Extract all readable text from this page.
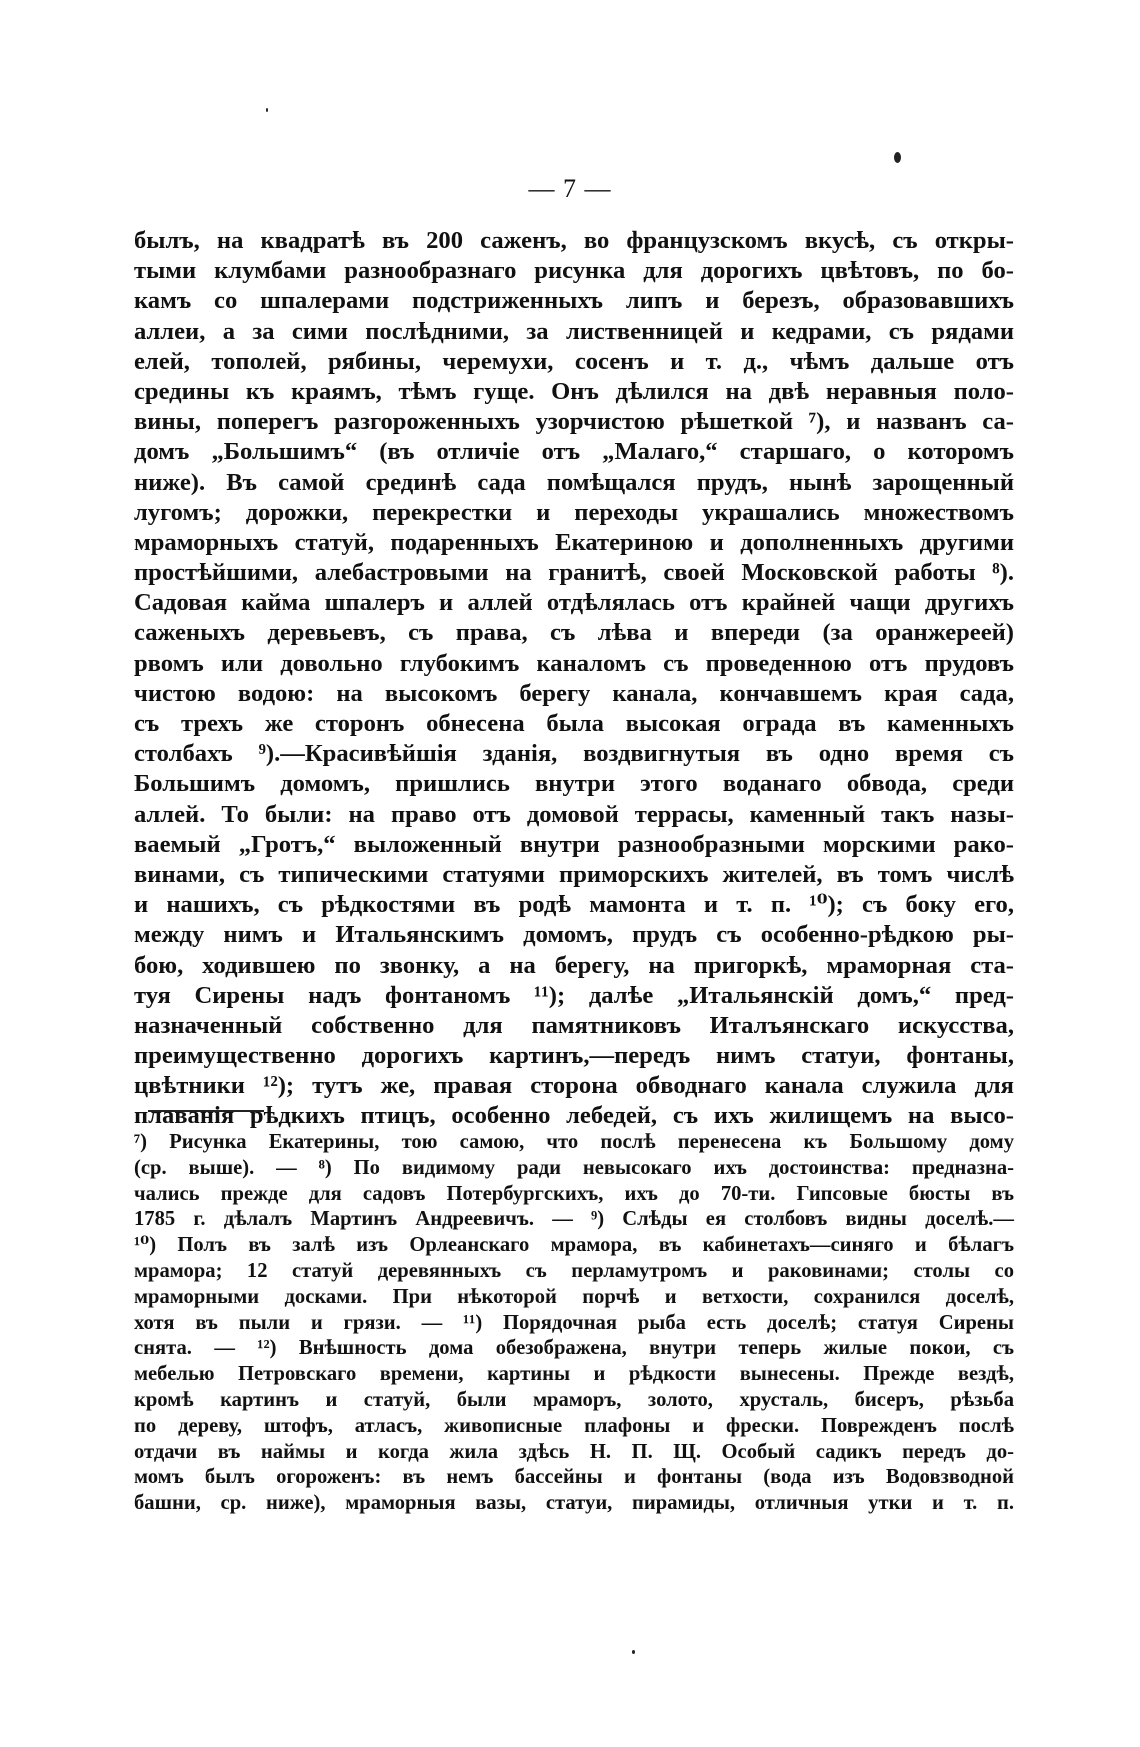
— 7 —
былъ, на квадратѣ въ 200 саженъ, во французскомъ вкусѣ, съ откры-
тыми клумбами разнообразнаго рисунка для дорогихъ цвѣтовъ, по бо-
камъ со шпалерами подстриженныхъ липъ и березъ, образовавшихъ
аллеи, а за сими послѣдними, за лиственницей и кедрами, съ рядами
елей, тополей, рябины, черемухи, сосенъ и т. д., чѣмъ дальше отъ
средины къ краямъ, тѣмъ гуще. Онъ дѣлился на двѣ неравныя поло-
вины, поперегъ разгороженныхъ узорчистою рѣшеткой ⁷), и названъ са-
домъ „Большимъ“ (въ отличіе отъ „Малаго,“ старшаго, о которомъ
ниже). Въ самой срединѣ сада помѣщался прудъ, нынѣ зарощенный
лугомъ; дорожки, перекрестки и переходы украшались множествомъ
мраморныхъ статуй, подаренныхъ Екатериною и дополненныхъ другими
простѣйшими, алебастровыми на гранитѣ, своей Московской работы ⁸).
Садовая кайма шпалеръ и аллей отдѣлялась отъ крайней чащи другихъ
саженыхъ деревьевъ, съ права, съ лѣва и впереди (за оранжереей)
рвомъ или довольно глубокимъ каналомъ съ проведенною отъ прудовъ
чистою водою: на высокомъ берегу канала, кончавшемъ края сада,
съ трехъ же сторонъ обнесена была высокая ограда въ каменныхъ
столбахъ ⁹).—Красивѣйшія зданія, воздвигнутыя въ одно время съ
Большимъ домомъ, пришлись внутри этого воданаго обвода, среди
аллей. То были: на право отъ домовой террасы, каменный такъ назы-
ваемый „Гротъ,“ выложенный внутри разнообразными морскими рако-
винами, съ типическими статуями приморскихъ жителей, въ томъ числѣ
и нашихъ, съ рѣдкостями въ родѣ мамонта и т. п. ¹⁰); съ боку его,
между нимъ и Итальянскимъ домомъ, прудъ съ особенно-рѣдкою ры-
бою, ходившею по звонку, а на берегу, на пригоркѣ, мраморная ста-
туя Сирены надъ фонтаномъ ¹¹); далѣе „Итальянскій домъ,“ пред-
назначенный собственно для памятниковъ Италъянскаго искусства,
преимущественно дорогихъ картинъ,—передъ нимъ статуи, фонтаны,
цвѣтники ¹²); тутъ же, правая сторона обводнаго канала служила для
плаванія рѣдкихъ птицъ, особенно лебедей, съ ихъ жилищемъ на высо-
⁷) Рисунка Екатерины, тою самою, что послѣ перенесена къ Большому дому
(ср. выше). — ⁸) По видимому ради невысокаго ихъ достоинства: предназна-
чались прежде для садовъ Потербургскихъ, ихъ до 70-ти. Гипсовые бюсты въ
1785 г. дѣлалъ Мартинъ Андреевичъ. — ⁹) Слѣды ея столбовъ видны доселѣ.—
¹⁰) Полъ въ залѣ изъ Орлеанскаго мрамора, въ кабинетахъ—синяго и бѣлагъ
мрамора; 12 статуй деревянныхъ съ перламутромъ и раковинами; столы со
мраморными досками. При нѣкоторой порчѣ и ветхости, сохранился доселѣ,
хотя въ пыли и грязи. — ¹¹) Порядочная рыба есть доселѣ; статуя Сирены
снята. — ¹²) Внѣшность дома обезображена, внутри теперь жилые покои, съ
мебелью Петровскаго времени, картины и рѣдкости вынесены. Прежде вездѣ,
кромѣ картинъ и статуй, были мраморъ, золото, хрусталь, бисеръ, рѣзьба
по дереву, штофъ, атласъ, живописные плафоны и фрески. Поврежденъ послѣ
отдачи въ наймы и когда жила здѣсь Н. П. Щ. Особый садикъ передъ до-
момъ былъ огороженъ: въ немъ бассейны и фонтаны (вода изъ Водовзводной
башни, ср. ниже), мраморныя вазы, статуи, пирамиды, отличныя утки и т. п.
